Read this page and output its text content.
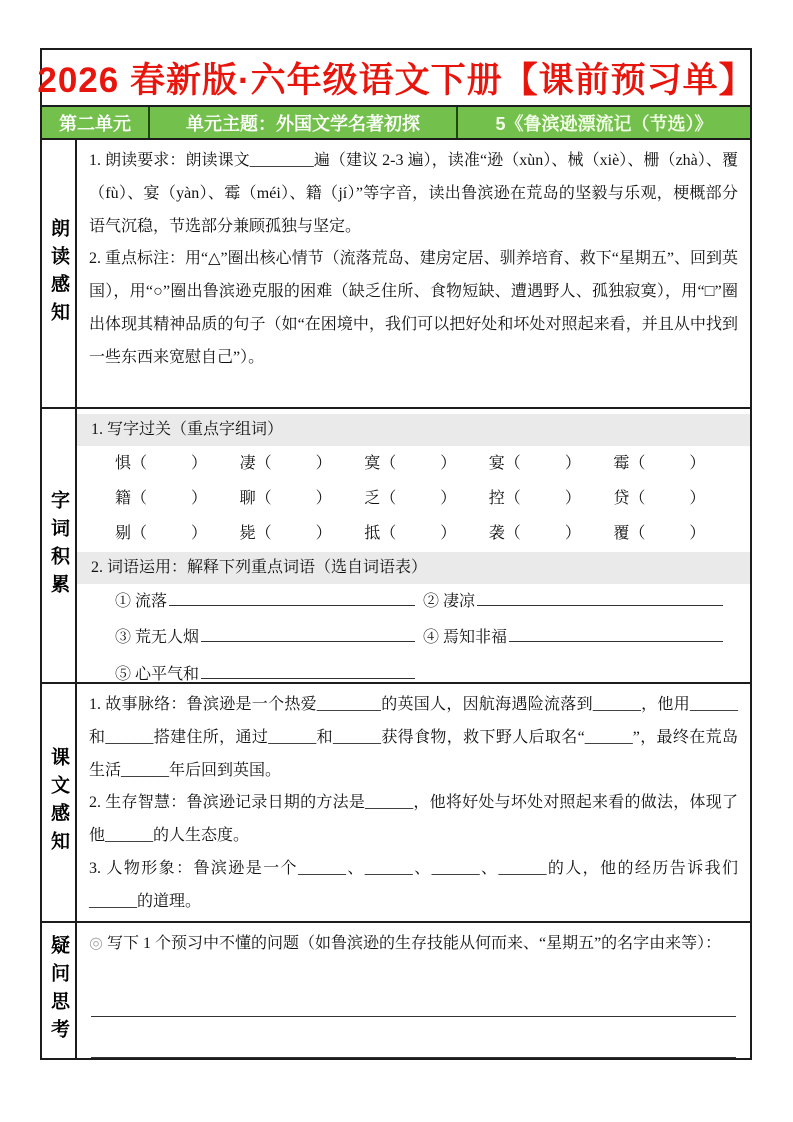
2026 春新版·六年级语文下册【课前预习单】
第二单元	单元主题：外国文学名著初探	5《鲁滨逊漂流记（节选）》
朗读感知

1. 朗读要求：朗读课文________遍（建议 2-3 遍），读准“逊（xùn）、械（xiè）、栅（zhà）、覆（fù）、宴（yàn）、霉（méi）、籍（jí）”等字音，读出鲁滨逊在荒岛的坚毅与乐观，梗概部分语气沉稳，节选部分兼顾孤独与坚定。

2. 重点标注：用“△”圈出核心情节（流落荒岛、建房定居、驯养培育、救下“星期五”、回到英国），用“○”圈出鲁滨逊克服的困难（缺乏住所、食物短缺、遭遇野人、孤独寂寞），用“□”圈出体现其精神品质的句子（如“在困境中，我们可以把好处和坏处对照起来看，并且从中找到一些东西来宽慰自己”）。

字词积累
1. 写字过关（重点字组词）
惧 （	） 凄 （	） 寞 （	） 宴 （	） 霉 （	）
籍 （	） 聊 （	） 乏 （	） 控 （	） 贷 （	）
剔 （	） 毙 （	） 抵 （	） 袭 （	） 覆 （	）
2. 词语运用：解释下列重点词语（选自词语表）
① 流落	② 凄凉
③ 荒无人烟	④ 焉知非福
⑤ 心平气和
课文感知

1. 故事脉络：鲁滨逊是一个热爱________的英国人，因航海遇险流落到______，他用______和______搭建住所，通过______和______获得食物，救下野人后取名“______”，最终在荒岛生活______年后回到英国。

2. 生存智慧：鲁滨逊记录日期的方法是______，他将好处与坏处对照起来看的做法，体现了他______的人生态度。

3. 人物形象：鲁滨逊是一个______、______、______、______的人，他的经历告诉我们______的道理。

疑问思考 ◎ 写下 1 个预习中不懂的问题（如鲁滨逊的生存技能从何而来、“星期五”的名字由来等）：
